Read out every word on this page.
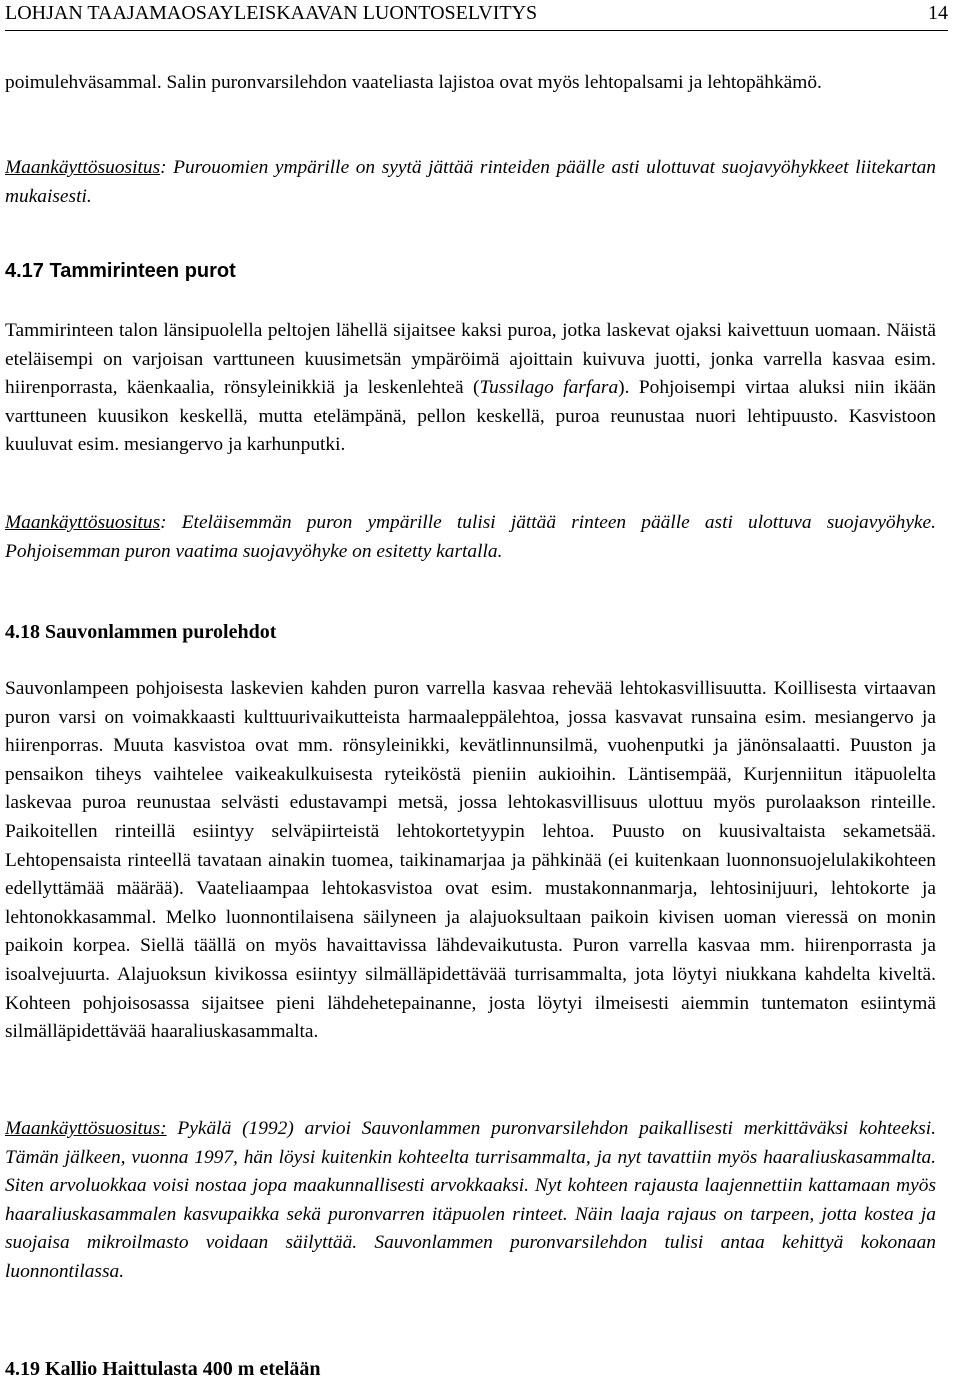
LOHJAN TAAJAMAOSAYLEISKAAVAN LUONTOSELVITYS	14

poimulehväsammal. Salin puronvarsilehdon vaateliasta lajistoa ovat myös lehtopalsami ja lehtopähkämö.

Maankäyttösuositus: Purouomien ympärille on syytä jättää rinteiden päälle asti ulottuvat suojavyöhykkeet liitekartan mukaisesti.

4.17 Tammirinteen purot

Tammirinteen talon länsipuolella peltojen lähellä sijaitsee kaksi puroa, jotka laskevat ojaksi kaivettuun uomaan. Näistä eteläisempi on varjoisan varttuneen kuusimetsän ympäröimä ajoittain kuivuva juotti, jonka varrella kasvaa esim. hiirenporrasta, käenkaalia, rönsyleinikkiä ja leskenlehteä (Tussilago farfara). Pohjoisempi virtaa aluksi niin ikään varttuneen kuusikon keskellä, mutta etelämpänä, pellon keskellä, puroa reunustaa nuori lehtipuusto. Kasvistoon kuuluvat esim. mesiangervo ja karhunputki.

Maankäyttösuositus: Eteläisemmän puron ympärille tulisi jättää rinteen päälle asti ulottuva suojavyöhyke. Pohjoisemman puron vaatima suojavyöhyke on esitetty kartalla.

4.18 Sauvonlammen purolehdot

Sauvonlampeen pohjoisesta laskevien kahden puron varrella kasvaa rehevää lehtokasvillisuutta. Koillisesta virtaavan puron varsi on voimakkaasti kulttuurivaikutteista harmaaleppälehtoa, jossa kasvavat runsaina esim. mesiangervo ja hiirenporras. Muuta kasvistoa ovat mm. rönsyleinikki, kevätlinnunsilmä, vuohenputki ja jänönsalaatti. Puuston ja pensaikon tiheys vaihtelee vaikeakulkuisesta ryteiköstä pieniin aukioihin. Läntisempää, Kurjenniitun itäpuolelta laskevaa puroa reunustaa selvästi edustavampi metsä, jossa lehtokasvillisuus ulottuu myös purolaakson rinteille. Paikoitellen rinteillä esiintyy selväpiirteistä lehtokortetyypin lehtoa. Puusto on kuusivaltaista sekametsää. Lehtopensaista rinteellä tavataan ainakin tuomea, taikinamarjaa ja pähkinää (ei kuitenkaan luonnonsuojelulakikohteen edellyttämää määrää). Vaateliaampaa lehtokasvistoa ovat esim. mustakonnanmarja, lehtosinijuuri, lehtokorte ja lehtonokkasammal. Melko luonnontilaisena säilyneen ja alajuoksultaan paikoin kivisen uoman vieressä on monin paikoin korpea. Siellä täällä on myös havaittavissa lähdevaikutusta. Puron varrella kasvaa mm. hiirenporrasta ja isoalvejuurta. Alajuoksun kivikossa esiintyy silmälläpidettävää turrisammalta, jota löytyi niukkana kahdelta kiveltä. Kohteen pohjoisosassa sijaitsee pieni lähdehetepainanne, josta löytyi ilmeisesti aiemmin tuntematon esiintymä silmälläpidettävää haaraliuskasammalta.

Maankäyttösuositus: Pykälä (1992) arvioi Sauvonlammen puronvarsilehdon paikallisesti merkittäväksi kohteeksi. Tämän jälkeen, vuonna 1997, hän löysi kuitenkin kohteelta turrisammalta, ja nyt tavattiin myös haaraliuskasammalta. Siten arvoluokkaa voisi nostaa jopa maakunnallisesti arvokkaaksi. Nyt kohteen rajausta laajennettiin kattamaan myös haaraliuskasammalen kasvupaikka sekä puronvarren itäpuolen rinteet. Näin laaja rajaus on tarpeen, jotta kostea ja suojaisa mikroilmasto voidaan säilyttää. Sauvonlammen puronvarsilehdon tulisi antaa kehittyä kokonaan luonnontilassa.

4.19 Kallio Haittulasta 400 m etelään
